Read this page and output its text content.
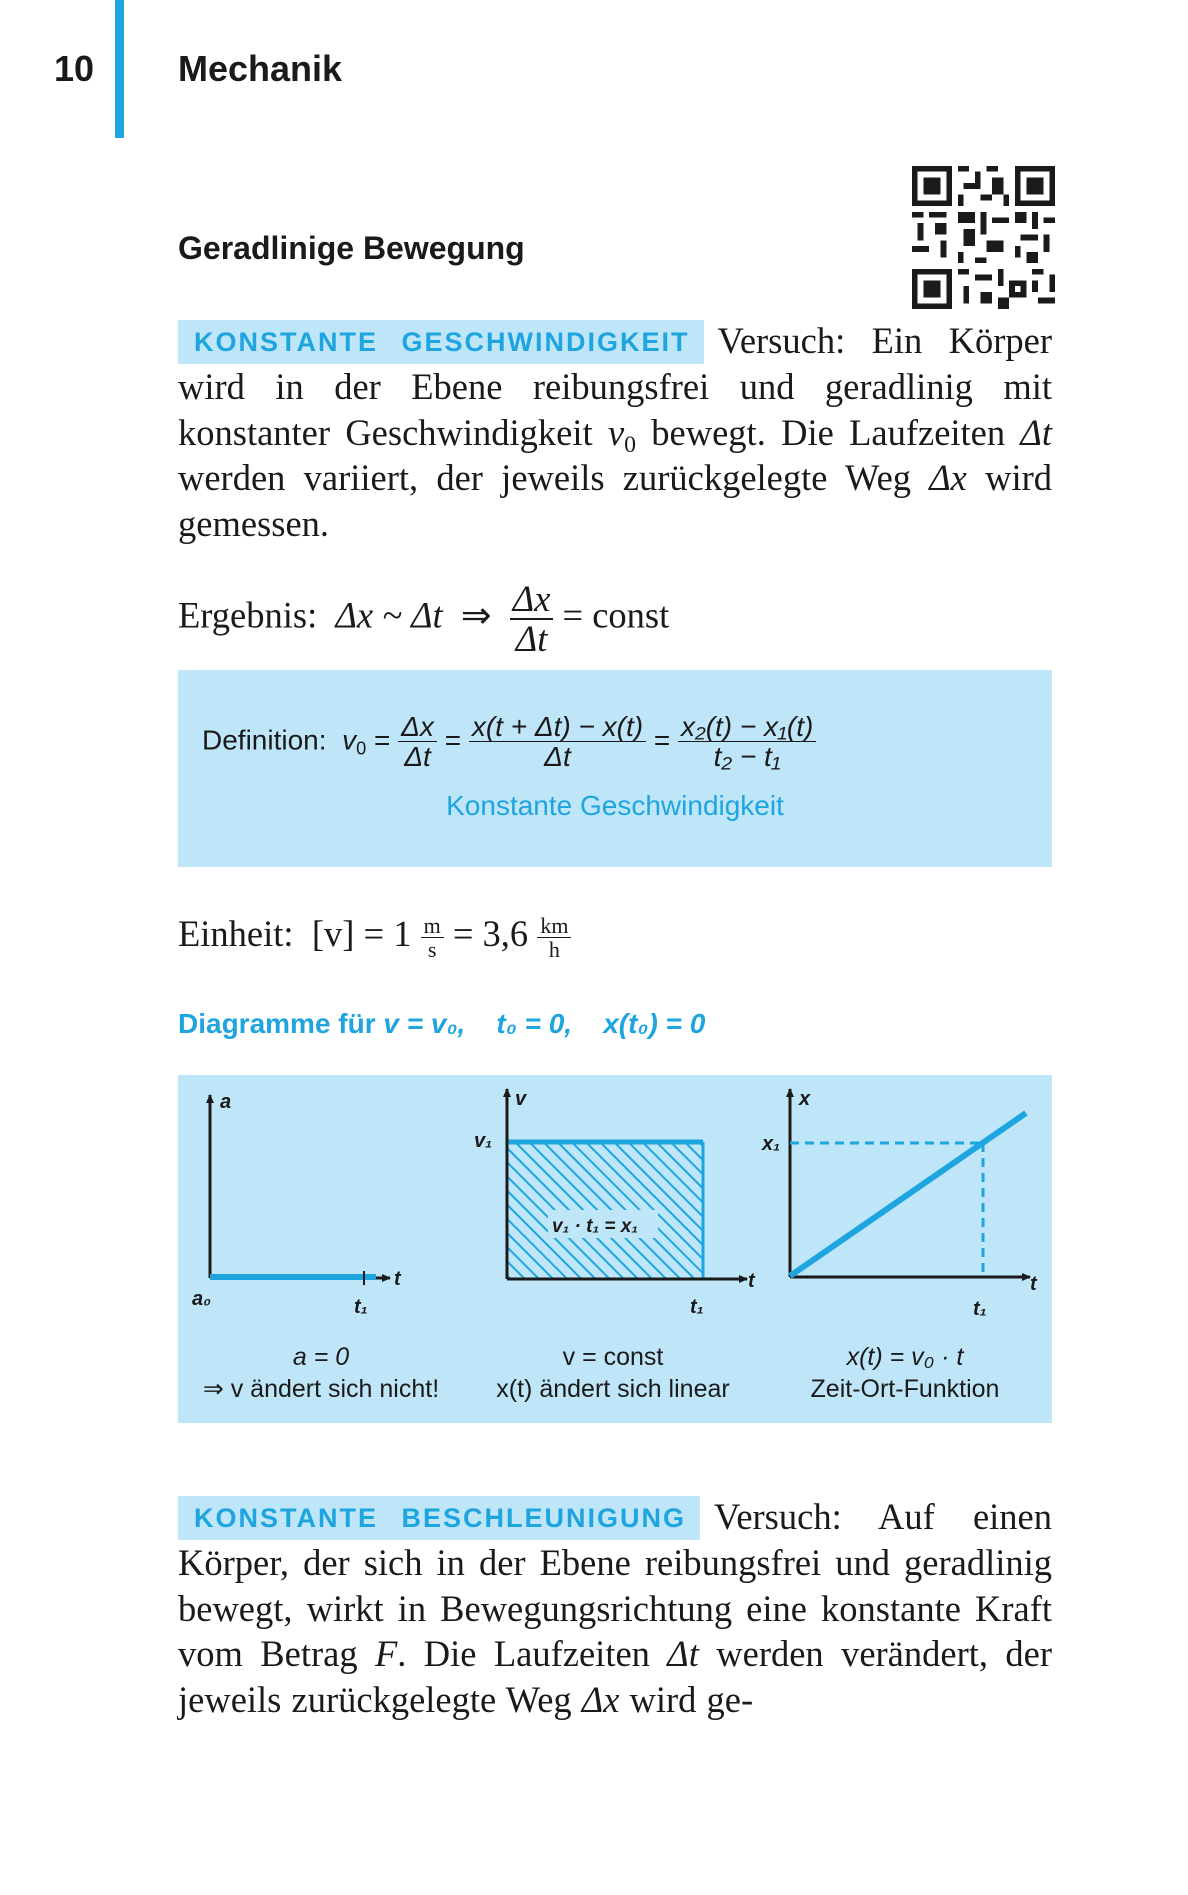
10 Mechanik
Geradlinige Bewegung
KONSTANTE GESCHWINDIGKEIT Versuch: Ein Körper wird in der Ebene reibungsfrei und geradlinig mit konstanter Geschwindigkeit $v_0$ bewegt. Die Laufzeiten Δt werden variiert, der jeweils zurückgelegte Weg Δx wird gemessen.
Ergebnis: Δx ~ Δt ⇒ $\frac{\Delta x}{\Delta t}$ = const
Definition: $v_0 = \frac{\Delta x}{\Delta t} = \frac{x(t + \Delta t) - x(t)}{\Delta t} = \frac{\text{x₂(t) − x₁(t)}}{\text{t₂ − t₁}}$
Konstante Geschwindigkeit
Einheit: $[v] = 1 \frac{m}{s} = 3,6 \frac{km}{h}$
Diagramme für v = v₀, t₀ = 0, x(t₀) = 0
a
t
a₀	t₁
v
t
v₁
t₁
v₁ · t₁ = x₁
x
t
x₁
t₁
a = 0
⇒ v ändert sich nicht!
v = const
x(t) ändert sich linear
x(t) = v₀ · t
Zeit-Ort-Funktion
KONSTANTE BESCHLEUNIGUNG Versuch: Auf einen Körper, der sich in der Ebene reibungsfrei und geradlinig bewegt, wirkt in Bewegungsrichtung eine konstante Kraft vom Betrag F. Die Laufzeiten Δt werden verändert, der jeweils zurückgelegte Weg Δx wird ge-
